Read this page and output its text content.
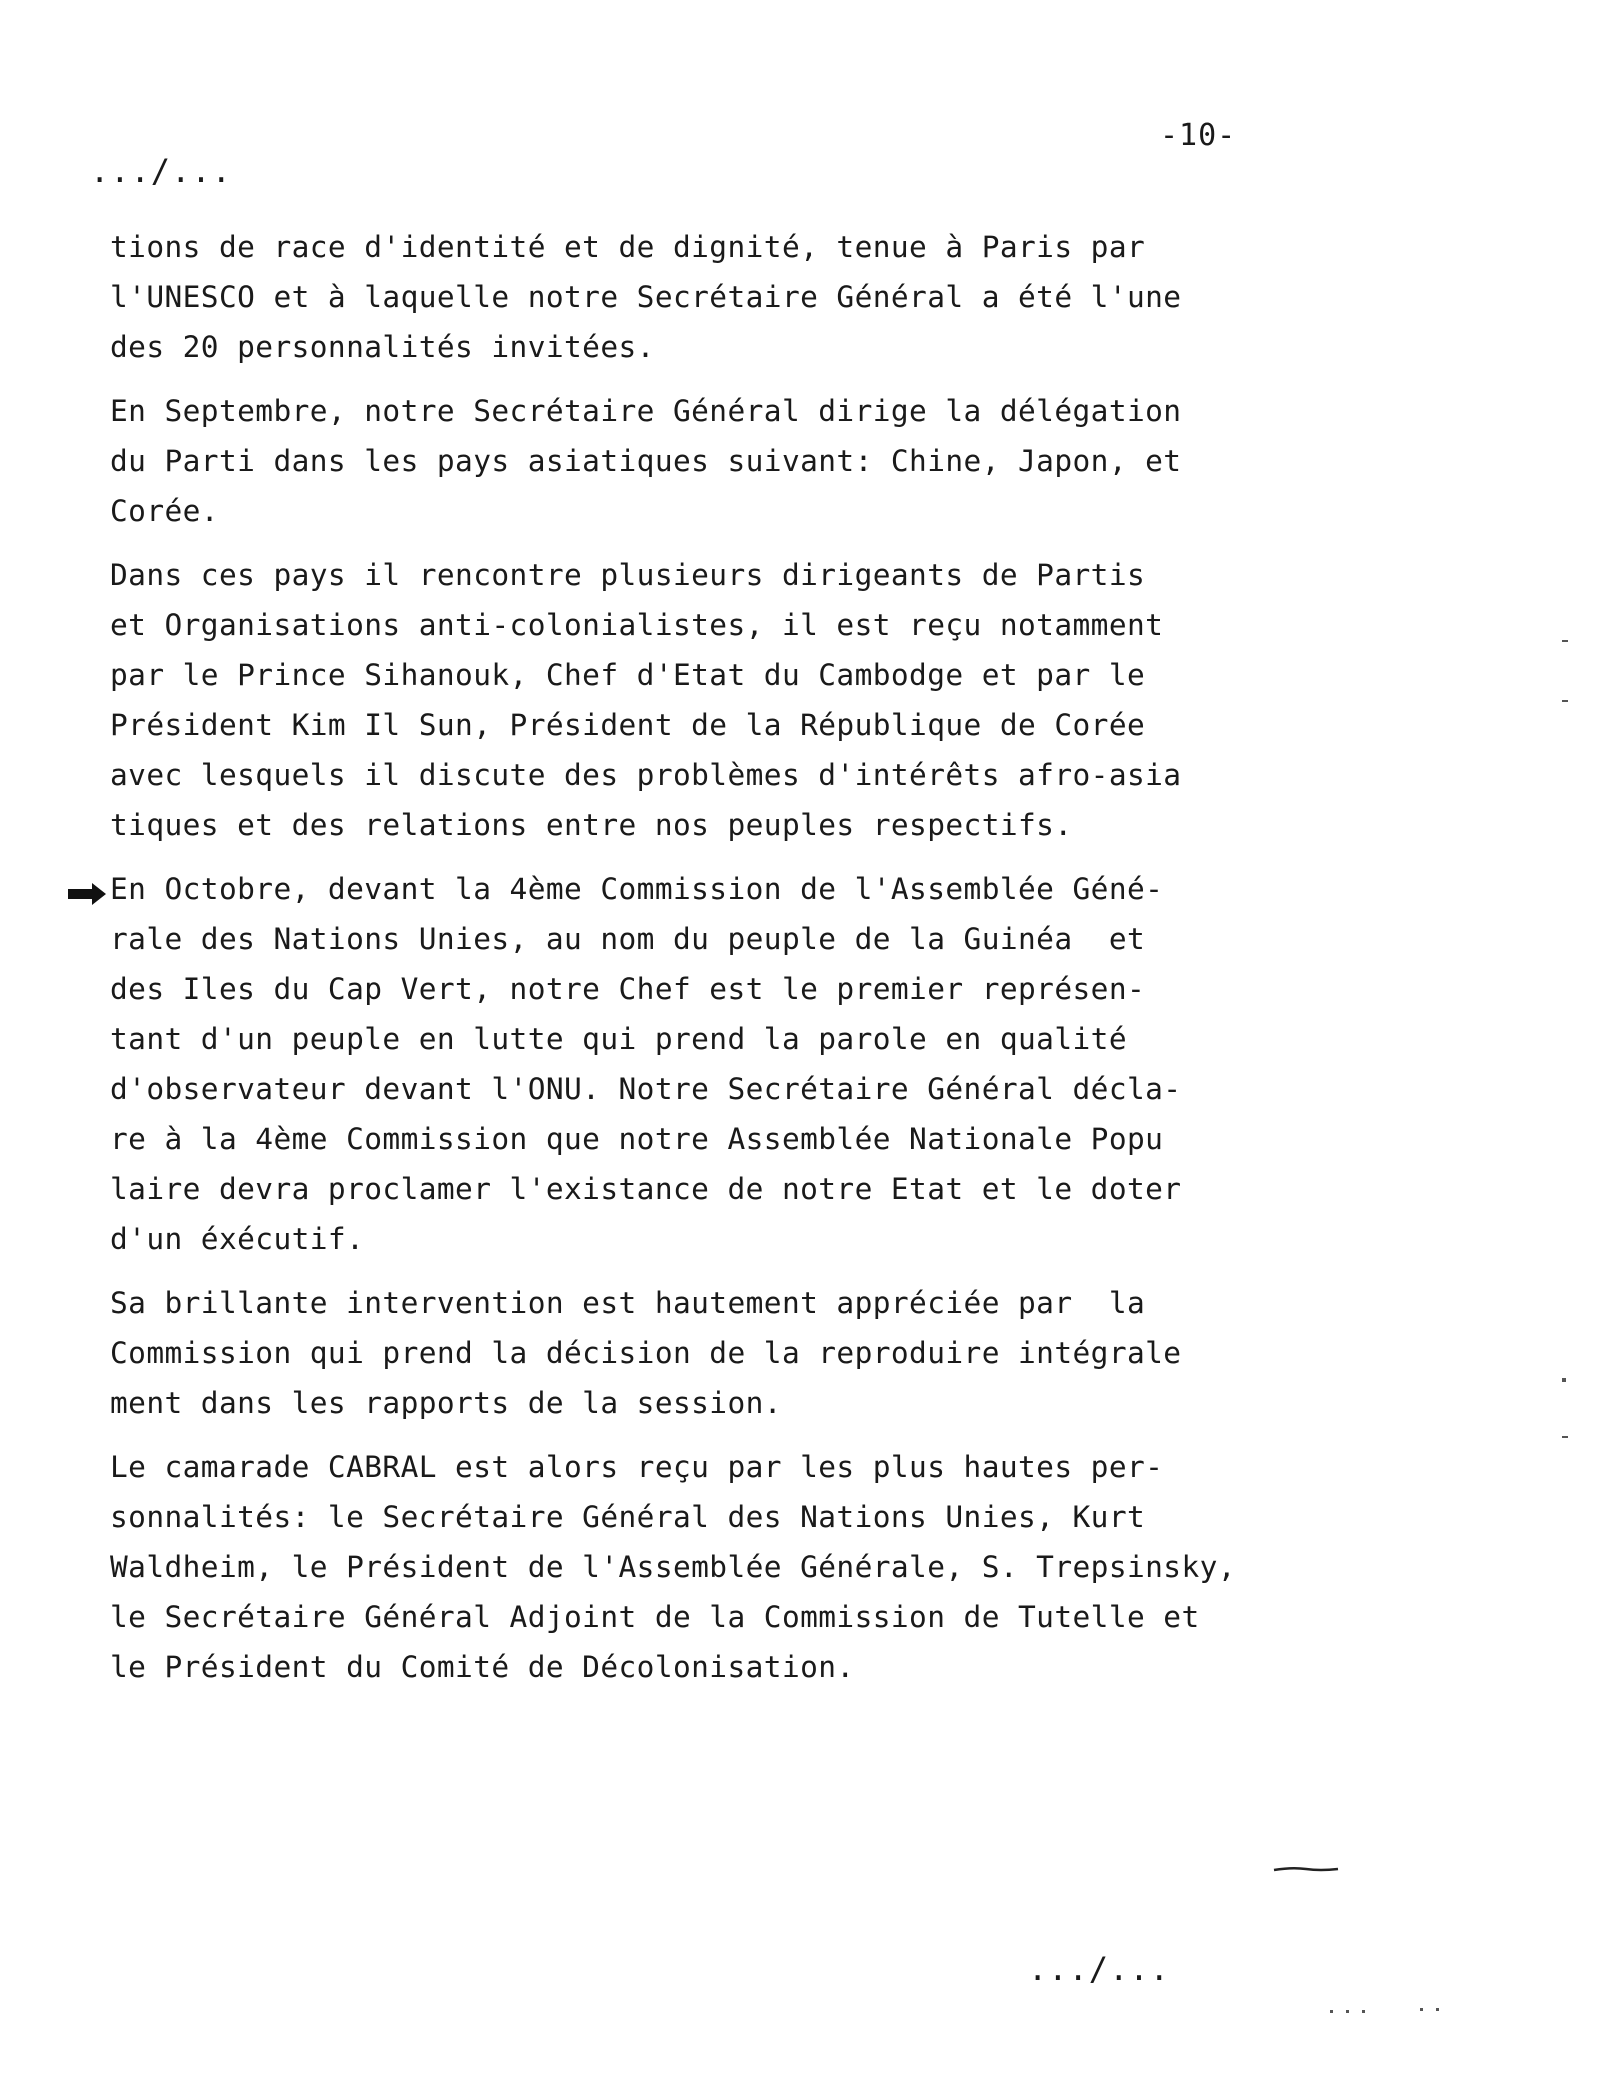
-10-
.../...
tions de race d'identité et de dignité, tenue à Paris par
l'UNESCO et à laquelle notre Secrétaire Général a été l'une
des 20 personnalités invitées.
En Septembre, notre Secrétaire Général dirige la délégation
du Parti dans les pays asiatiques suivant: Chine, Japon, et
Corée.
Dans ces pays il rencontre plusieurs dirigeants de Partis
et Organisations anti-colonialistes, il est reçu notamment
par le Prince Sihanouk, Chef d'Etat du Cambodge et par le
Président Kim Il Sun, Président de la République de Corée
avec lesquels il discute des problèmes d'intérêts afro-asia
tiques et des relations entre nos peuples respectifs.
En Octobre, devant la 4ème Commission de l'Assemblée Géné-
rale des Nations Unies, au nom du peuple de la Guinéa  et
des Iles du Cap Vert, notre Chef est le premier représen-
tant d'un peuple en lutte qui prend la parole en qualité
d'observateur devant l'ONU. Notre Secrétaire Général décla-
re à la 4ème Commission que notre Assemblée Nationale Popu
laire devra proclamer l'existance de notre Etat et le doter
d'un éxécutif.
Sa brillante intervention est hautement appréciée par  la
Commission qui prend la décision de la reproduire intégrale
ment dans les rapports de la session.
Le camarade CABRAL est alors reçu par les plus hautes per-
sonnalités: le Secrétaire Général des Nations Unies, Kurt
Waldheim, le Président de l'Assemblée Générale, S. Trepsinsky,
le Secrétaire Général Adjoint de la Commission de Tutelle et
le Président du Comité de Décolonisation.
.../...
